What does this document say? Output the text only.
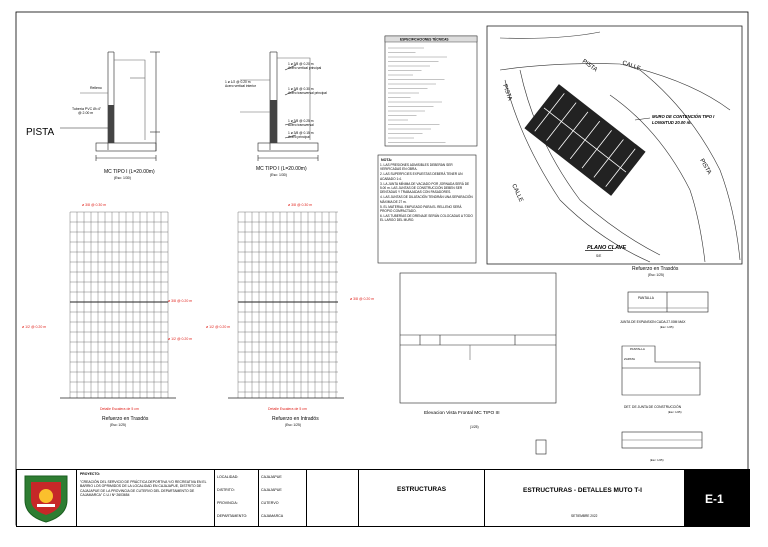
PISTA
Relleno
Tubería PVC Ø=4"
@ 2.00 m
MC TIPO I (L=20.00m)
(Esc: 1/30)
1 ø 3/8 @ 0.20 m
Acero vertical principal
1 ø 1/2 @ 0.20 m
Acero vertical interior
1 ø 3/8 @ 0.30 m
Acero transversal principal
1 ø 3/8 @ 0.25 m
Acero transversal
1 ø 3/8 @ 0.15 m
Acero principal
MC TIPO I (L=20.00m)
(Esc: 1/30)
ø 3/8 @ 0.30 m
ø 3/8 @ 0.20 m
ø 1/2 @ 0.20 m
ø 1/2 @ 0.20 m
Detalle Escalera de 5 cm
Refuerzo en Trasdós
(Esc: 1/25)
ø 3/8 @ 0.30 m
ø 3/8 @ 0.20 m
ø 1/2 @ 0.20 m
Detalle Escalera de 5 cm
Refuerzo en Intradós
(Esc: 1/25)
ESPECIFICACIONES TÉCNICAS
NOTA:
1. LAS PRESIONES ADMISIBLES DEBERÁN SER VERIFICADAS EN OBRA.
2. LAS SUPERFICIES EXPUESTAS DEBERÁ TENER UN ACABADO 1:4.
3. LA JUNTA MÍNIMA DE VACIADO POR JORNADA SERÁ DE 5.00 m. LAS JUNTAS DE CONSTRUCCIÓN DEBEN SER DENTADAS Y TRABAJADAS CON PASADORES.
4. LAS JUNTAS DE DILATACIÓN TENDRÁN UNA SEPARACIÓN MÁXIMA DE 27 m.
5. EL MATERIAL EMPLEADO PARA EL RELLENO SERÁ PROPIO COMPACTADO.
6. LAS TUBERÍAS DE DRENAJE SERÁN COLOCADAS A TODO EL LARGO DEL MURO.
MURO DE CONTENCIÓN TIPO I
LONGITUD 20.00 m.
PLANO CLAVE
S/E
CALLE
CALLE
PISTA
PISTA
PISTA
Elevacion Vista Frontal MC TIPO III
(1/25)
Refuerzo en Trasdós
(Esc: 1/25)
PANTALLA
JUNTA DE EXPANSION CADA 27.00M MAX
(Esc: 1/25)
ZAPATA
PANTALLA
DET. DE JUNTA DE CONSTRUCCIÓN
(Esc: 1/25)
(Esc: 1/25)
PROYECTO:
"CREACIÓN DEL SERVICIO DE PRÁCTICA DEPORTIVA Y/O RECREATIVA EN EL BARRIO LOS OPRIMIDOS DE LA LOCALIDAD EN CAJAJAPUE, DISTRITO DE CAJAJAPUE DE LA PROVINCIA DE CUTERVO DEL DEPARTAMENTO DE CAJAMARCA" C.U.I Nº 2603654
LOCALIDAD:
DISTRITO:
PROVINCIA:
DEPARTAMENTO:
CAJAJAPUE
CAJAJAPUE
CUTERVO
CAJAMARCA
ESTRUCTURAS	ESTRUCTURAS - DETALLES MUTO T-I
SETIEMBRE 2022
E-1
